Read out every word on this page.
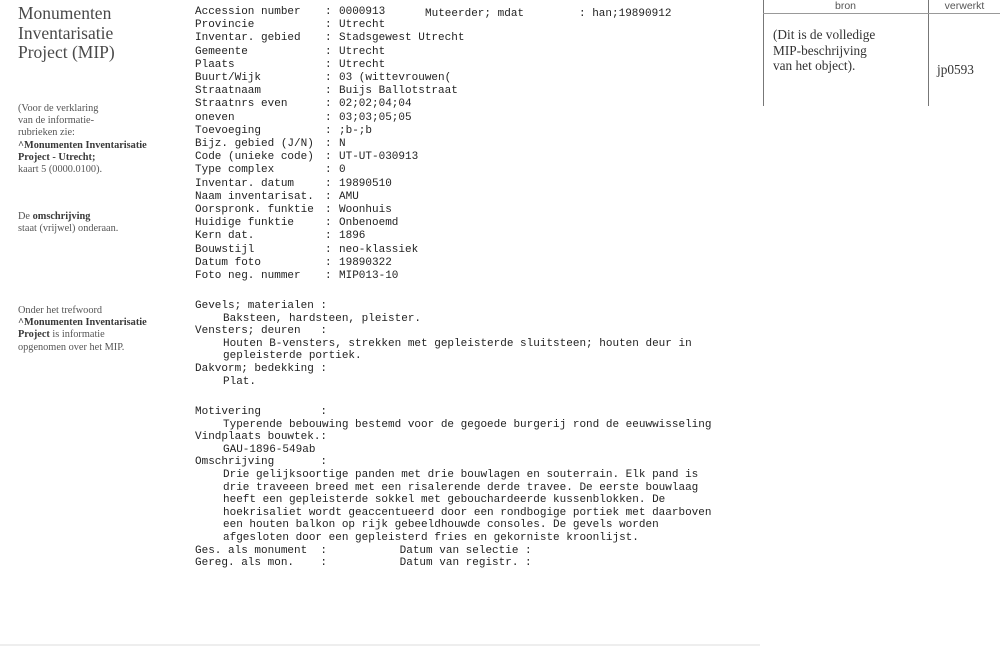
Monumenten
Inventarisatie
Project (MIP)
(Voor de verklaring
van de informatie-
rubrieken zie:
^Monumenten Inventarisatie
Project - Utrecht;
kaart 5 (0000.0100).
De omschrijving
staat (vrijwel) onderaan.
Onder het trefwoord
^Monumenten Inventarisatie
Project is informatie
opgenomen over het MIP.
Muteerder; mdat	: han;19890912
Accession number : 0000913
Provincie	: Utrecht
Inventar. gebied : Stadsgewest Utrecht
Gemeente	: Utrecht
Plaats	: Utrecht
Buurt/Wijk	: 03 (wittevrouwen(
Straatnaam	: Buijs Ballotstraat
Straatnrs even	: 02;02;04;04
oneven	: 03;03;05;05
Toevoeging	: ;b-;b
Bijz. gebied (J/N) : N
Code (unieke code) : UT-UT-030913
Type complex	: 0
Inventar. datum	: 19890510
Naam inventarisat. : AMU
Oorspronk. funktie : Woonhuis
Huidige funktie	: Onbenoemd
Kern dat.	: 1896
Bouwstijl	: neo-klassiek
Datum foto	: 19890322
Foto neg. nummer : MIP013-10
Gevels; materialen :
Baksteen, hardsteen, pleister.
Vensters; deuren   :
Houten B-vensters, strekken met gepleisterde sluitsteen; houten deur in
gepleisterde portiek.
Dakvorm; bedekking :
Plat.
Motivering         :
Typerende bebouwing bestemd voor de gegoede burgerij rond de eeuwwisseling
Vindplaats bouwtek.:
GAU-1896-549ab
Omschrijving       :
Drie gelijksoortige panden met drie bouwlagen en souterrain. Elk pand is
drie traveeen breed met een risalerende derde travee. De eerste bouwlaag
heeft een gepleisterde sokkel met gebouchardeerde kussenblokken. De
hoekrisaliet wordt geaccentueerd door een rondbogige portiek met daarboven
een houten balkon op rijk gebeeldhouwde consoles. De gevels worden
afgesloten door een gepleisterd fries en gekorniste kroonlijst.
Ges. als monument  :           Datum van selectie :
Gereg. als mon.    :           Datum van registr. :
bron	verwerkt
(Dit is de volledige
MIP-beschrijving
van het object).	jp0593
